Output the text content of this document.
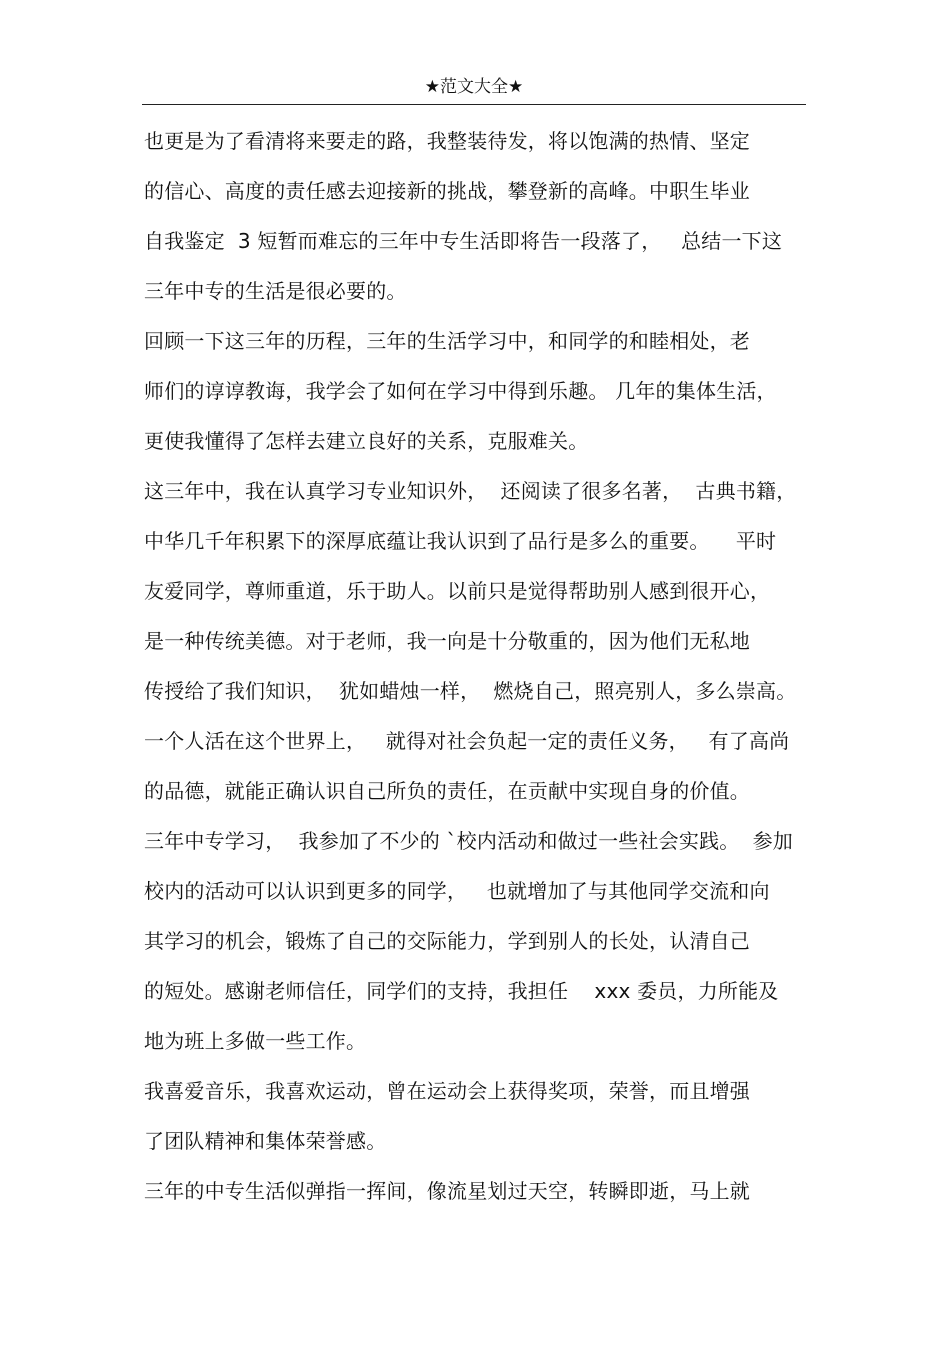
★范文大全★
也更是为了看清将来要走的路，我整装待发，将以饱满的热情、坚定
的信心、高度的责任感去迎接新的挑战，攀登新的高峰。中职生毕业
自我鉴定  3 短暂而难忘的三年中专生活即将告一段落了，   总结一下这
三年中专的生活是很必要的。
回顾一下这三年的历程，三年的生活学习中，和同学的和睦相处，老
师们的谆谆教诲，我学会了如何在学习中得到乐趣。 几年的集体生活，
更使我懂得了怎样去建立良好的关系，克服难关。
这三年中，我在认真学习专业知识外，  还阅读了很多名著，  古典书籍，
中华几千年积累下的深厚底蕴让我认识到了品行是多么的重要。    平时
友爱同学，尊师重道，乐于助人。以前只是觉得帮助别人感到很开心，
是一种传统美德。对于老师，我一向是十分敬重的，因为他们无私地
传授给了我们知识，  犹如蜡烛一样，  燃烧自己，照亮别人，多么崇高。
一个人活在这个世界上，   就得对社会负起一定的责任义务，   有了高尚
的品德，就能正确认识自己所负的责任，在贡献中实现自身的价值。
三年中专学习，  我参加了不少的 `校内活动和做过一些社会实践。  参加
校内的活动可以认识到更多的同学，   也就增加了与其他同学交流和向
其学习的机会，锻炼了自己的交际能力，学到别人的长处，认清自己
的短处。感谢老师信任，同学们的支持，我担任    xxx 委员，力所能及
地为班上多做一些工作。
我喜爱音乐，我喜欢运动，曾在运动会上获得奖项，荣誉，而且增强
了团队精神和集体荣誉感。
三年的中专生活似弹指一挥间，像流星划过天空，转瞬即逝，马上就
